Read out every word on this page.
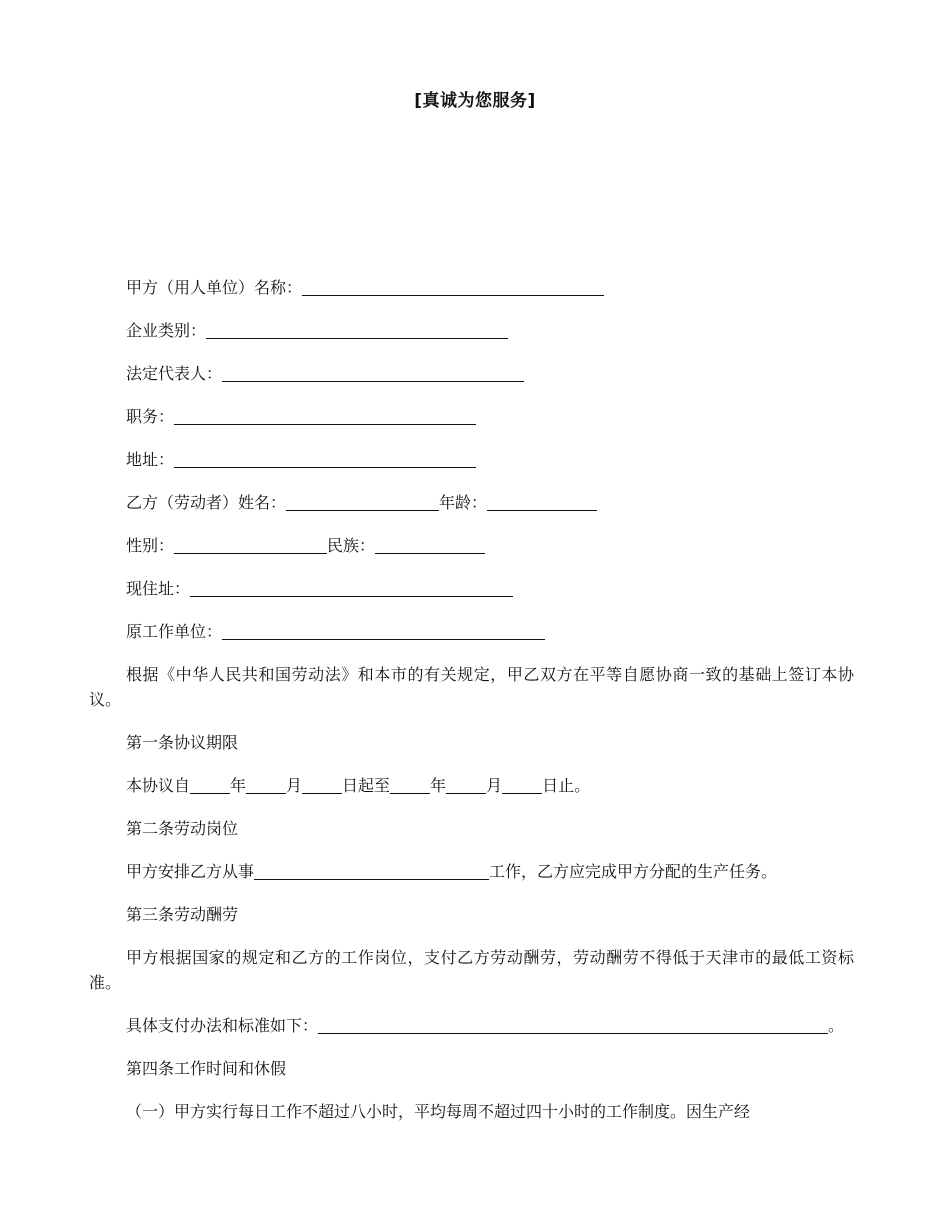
[真诚为您服务]

甲方（用人单位）名称：

企业类别：

法定代表人：

职务：

地址：

乙方（劳动者）姓名：	年龄：

性别：	民族：

现住址：

原工作单位：

根据《中华人民共和国劳动法》和本市的有关规定，甲乙双方在平等自愿协商一致的基础上签订本协议。

第一条协议期限

本协议自	年	月	日起至	年	月	日止。

第二条劳动岗位

甲方安排乙方从事	工作，乙方应完成甲方分配的生产任务。

第三条劳动酬劳

甲方根据国家的规定和乙方的工作岗位，支付乙方劳动酬劳，劳动酬劳不得低于天津市的最低工资标准。

具体支付办法和标准如下：	。

第四条工作时间和休假

（一）甲方实行每日工作不超过八小时，平均每周不超过四十小时的工作制度。因生产经
